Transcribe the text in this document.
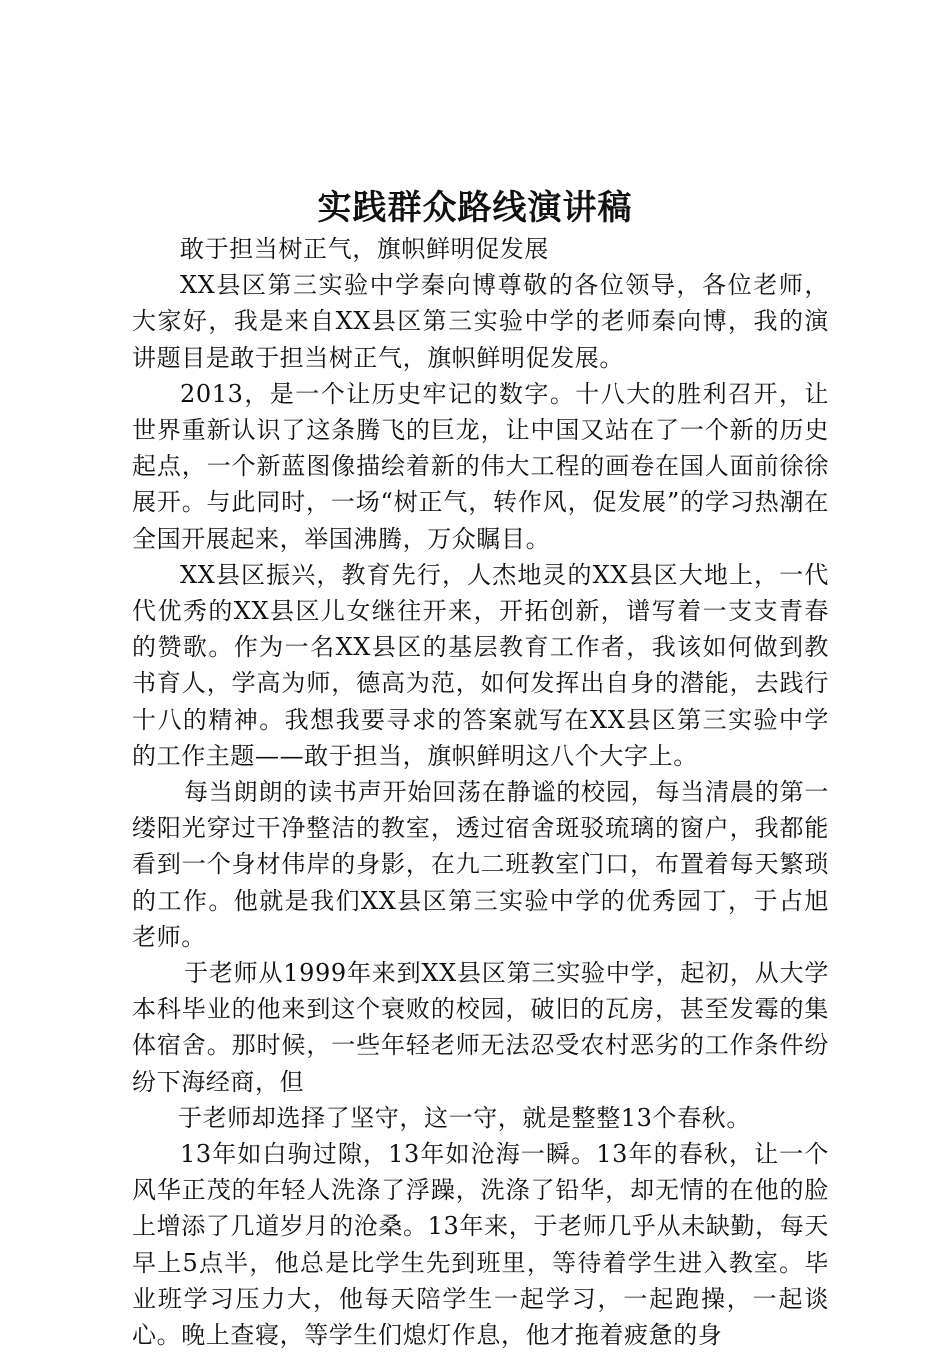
实践群众路线演讲稿

敢于担当树正气，旗帜鲜明促发展

XX县区第三实验中学秦向博尊敬的各位领导，各位老师，大家好，我是来自XX县区第三实验中学的老师秦向博，我的演讲题目是敢于担当树正气，旗帜鲜明促发展。

2013，是一个让历史牢记的数字。十八大的胜利召开，让世界重新认识了这条腾飞的巨龙，让中国又站在了一个新的历史起点，一个新蓝图像描绘着新的伟大工程的画卷在国人面前徐徐展开。与此同时，一场“树正气，转作风，促发展”的学习热潮在全国开展起来，举国沸腾，万众瞩目。

XX县区振兴，教育先行，人杰地灵的XX县区大地上，一代代优秀的XX县区儿女继往开来，开拓创新，谱写着一支支青春的赞歌。作为一名XX县区的基层教育工作者，我该如何做到教书育人，学高为师，德高为范，如何发挥出自身的潜能，去践行十八的精神。我想我要寻求的答案就写在XX县区第三实验中学的工作主题——敢于担当，旗帜鲜明这八个大字上。

每当朗朗的读书声开始回荡在静谧的校园，每当清晨的第一缕阳光穿过干净整洁的教室，透过宿舍斑驳琉璃的窗户，我都能看到一个身材伟岸的身影，在九二班教室门口，布置着每天繁琐的工作。他就是我们XX县区第三实验中学的优秀园丁，于占旭老师。

于老师从1999年来到XX县区第三实验中学，起初，从大学本科毕业的他来到这个衰败的校园，破旧的瓦房，甚至发霉的集体宿舍。那时候，一些年轻老师无法忍受农村恶劣的工作条件纷纷下海经商，但

于老师却选择了坚守，这一守，就是整整13个春秋。

13年如白驹过隙，13年如沧海一瞬。13年的春秋，让一个风华正茂的年轻人洗涤了浮躁，洗涤了铅华，却无情的在他的脸上增添了几道岁月的沧桑。13年来，于老师几乎从未缺勤，每天早上5点半，他总是比学生先到班里，等待着学生进入教室。毕业班学习压力大，他每天陪学生一起学习，一起跑操，一起谈心。晚上查寝，等学生们熄灯作息，他才拖着疲惫的身
